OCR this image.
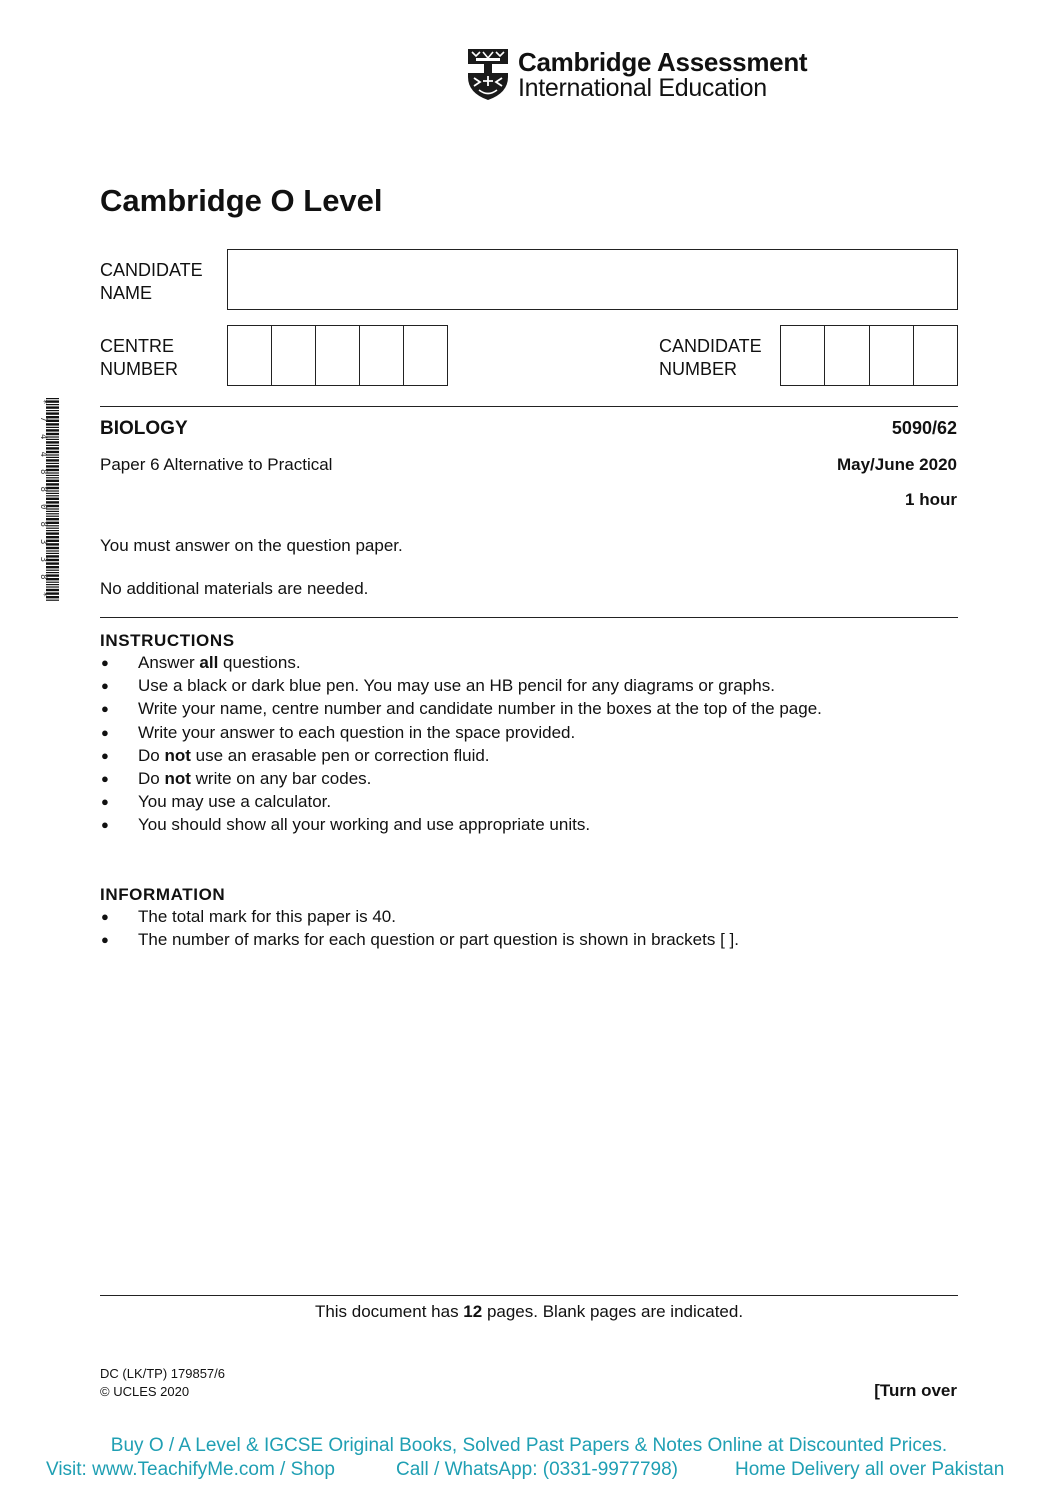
Cambridge Assessment
International Education
Cambridge O Level
CANDIDATE
NAME
CENTRE
NUMBER
CANDIDATE
NUMBER
*7448808338*
BIOLOGY	5090/62
Paper 6 Alternative to Practical	May/June 2020
1 hour
You must answer on the question paper.
No additional materials are needed.
INSTRUCTIONS
● Answer all questions.
● Use a black or dark blue pen. You may use an HB pencil for any diagrams or graphs.
● Write your name, centre number and candidate number in the boxes at the top of the page.
● Write your answer to each question in the space provided.
● Do not use an erasable pen or correction fluid.
● Do not write on any bar codes.
● You may use a calculator.
● You should show all your working and use appropriate units.
INFORMATION
● The total mark for this paper is 40.
● The number of marks for each question or part question is shown in brackets [ ].
This document has 12 pages. Blank pages are indicated.
DC (LK/TP) 179857/6
© UCLES 2020	[Turn over
Buy O / A Level & IGCSE Original Books, Solved Past Papers & Notes Online at Discounted Prices.
Visit: www.TeachifyMe.com / Shop	Call / WhatsApp: (0331-9977798)	Home Delivery all over Pakistan
